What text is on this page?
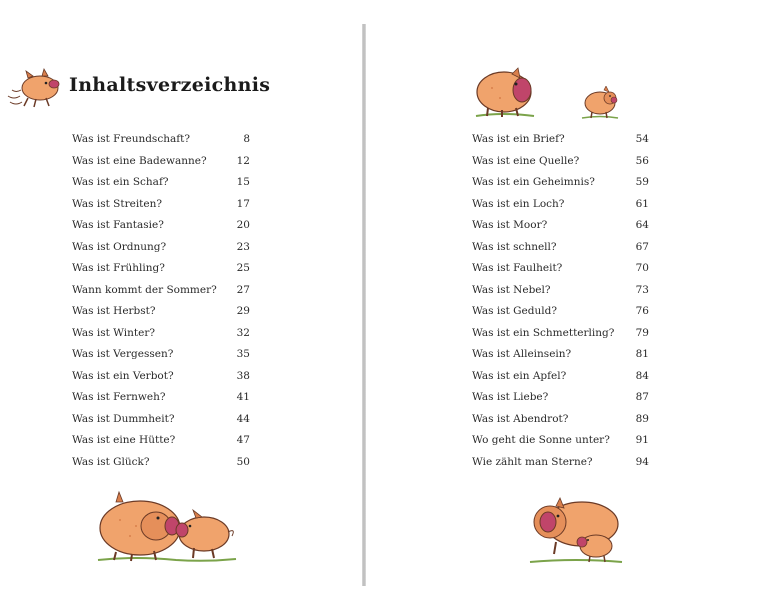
Inhaltsverzeichnis
Was ist Freundschaft?	8
Was ist eine Badewanne?	12
Was ist ein Schaf?	15
Was ist Streiten?	17
Was ist Fantasie?	20
Was ist Ordnung?	23
Was ist Frühling?	25
Wann kommt der Sommer? 27
Was ist Herbst?	29
Was ist Winter?	32
Was ist Vergessen?	35
Was ist ein Verbot?	38
Was ist Fernweh?	41
Was ist Dummheit?	44
Was ist eine Hütte?	47
Was ist Glück?	50
Was ist ein Brief?	54
Was ist eine Quelle?	56
Was ist ein Geheimnis?	59
Was ist ein Loch?	61
Was ist Moor?	64
Was ist schnell?	67
Was ist Faulheit?	70
Was ist Nebel?	73
Was ist Geduld?	76
Was ist ein Schmetterling? 79
Was ist Alleinsein?	81
Was ist ein Apfel?	84
Was ist Liebe?	87
Was ist Abendrot?	89
Wo geht die Sonne unter? 91
Wie zählt man Sterne?	94
